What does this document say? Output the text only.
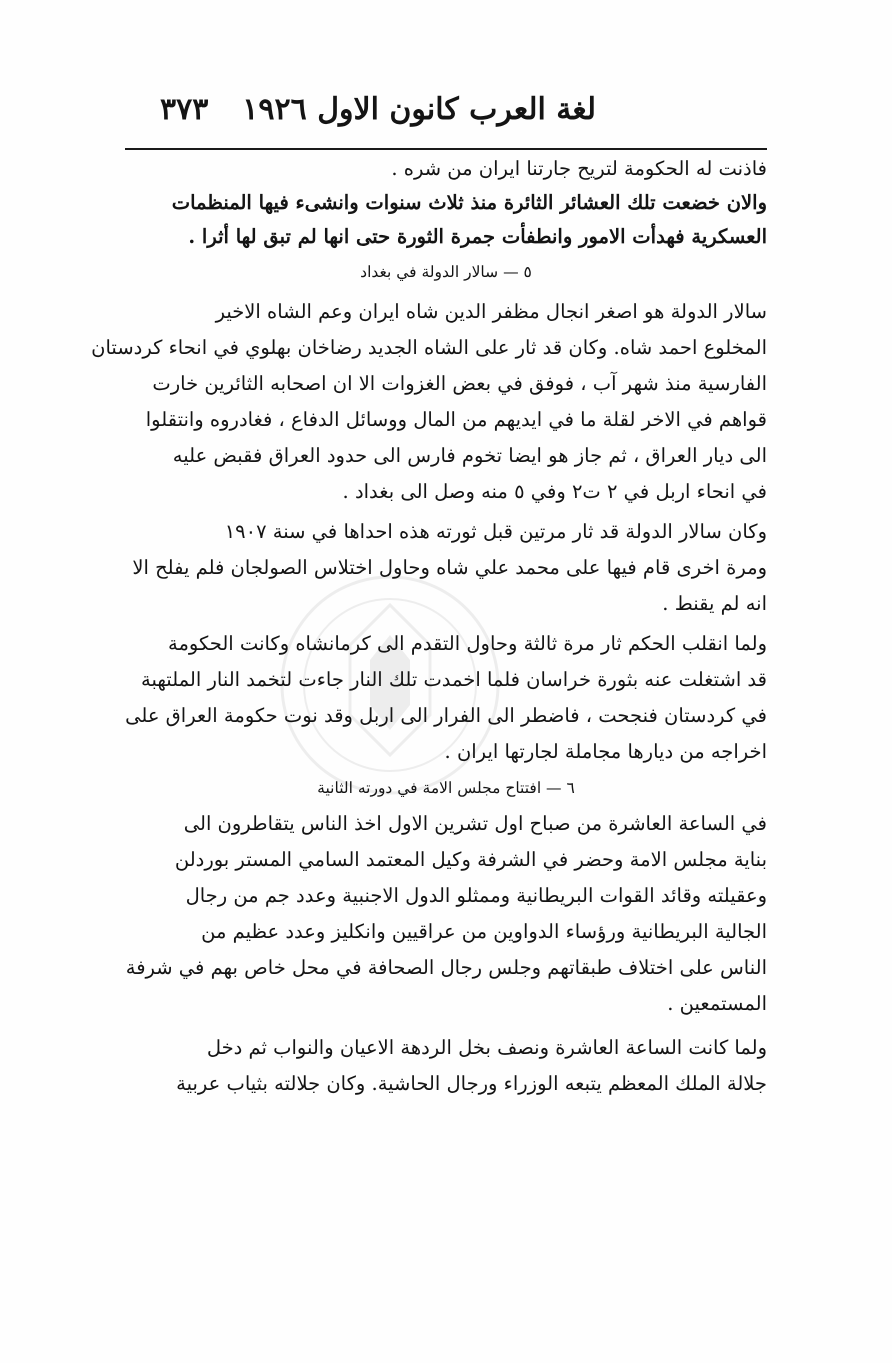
لغة العرب كانون الاول ١٩٢٦
٣٧٣
فاذنت له الحكومة لتريح جارتنا ايران من شره .
والان خضعت تلك العشائر الثائرة منذ ثلاث سنوات وانشىء فيها المنظمات
العسكرية فهدأت الامور وانطفأت جمرة الثورة حتى انها لم تبق لها أثرا .
٥ — سالار الدولة في بغداد
سالار الدولة هو اصغر انجال مظفر الدين شاه ايران وعم الشاه الاخير
المخلوع احمد شاه. وكان قد ثار على الشاه الجديد رضاخان بهلوي في انحاء كردستان
الفارسية منذ شهر آب ، فوفق في بعض الغزوات الا ان اصحابه الثائرين خارت
قواهم في الاخر لقلة ما في ايديهم من المال ووسائل الدفاع ، فغادروه وانتقلوا
الى ديار العراق ، ثم جاز هو ايضا تخوم فارس الى حدود العراق فقبض عليه
في انحاء اربل في ٢ ت٢ وفي ٥ منه وصل الى بغداد .
وكان سالار الدولة قد ثار مرتين قبل ثورته هذه احداها في سنة ١٩٠٧
ومرة اخرى قام فيها على محمد علي شاه وحاول اختلاس الصولجان فلم يفلح الا
انه لم يقنط .
ولما انقلب الحكم ثار مرة ثالثة وحاول التقدم الى كرمانشاه وكانت الحكومة
قد اشتغلت عنه بثورة خراسان فلما اخمدت تلك النار جاءت لتخمد النار الملتهبة
في كردستان فنجحت ، فاضطر الى الفرار الى اربل وقد نوت حكومة العراق على
اخراجه من ديارها مجاملة لجارتها ايران .
٦ — افتتاح مجلس الامة في دورته الثانية
في الساعة العاشرة من صباح اول تشرين الاول اخذ الناس يتقاطرون الى
بناية مجلس الامة وحضر في الشرفة وكيل المعتمد السامي المستر بوردلن
وعقيلته وقائد القوات البريطانية وممثلو الدول الاجنبية وعدد جم من رجال
الجالية البريطانية ورؤساء الدواوين من عراقيين وانكليز وعدد عظيم من
الناس على اختلاف طبقاتهم وجلس رجال الصحافة في محل خاص بهم في شرفة
المستمعين .
ولما كانت الساعة العاشرة ونصف بخل الردهة الاعيان والنواب ثم دخل
جلالة الملك المعظم يتبعه الوزراء ورجال الحاشية. وكان جلالته بثياب عربية
